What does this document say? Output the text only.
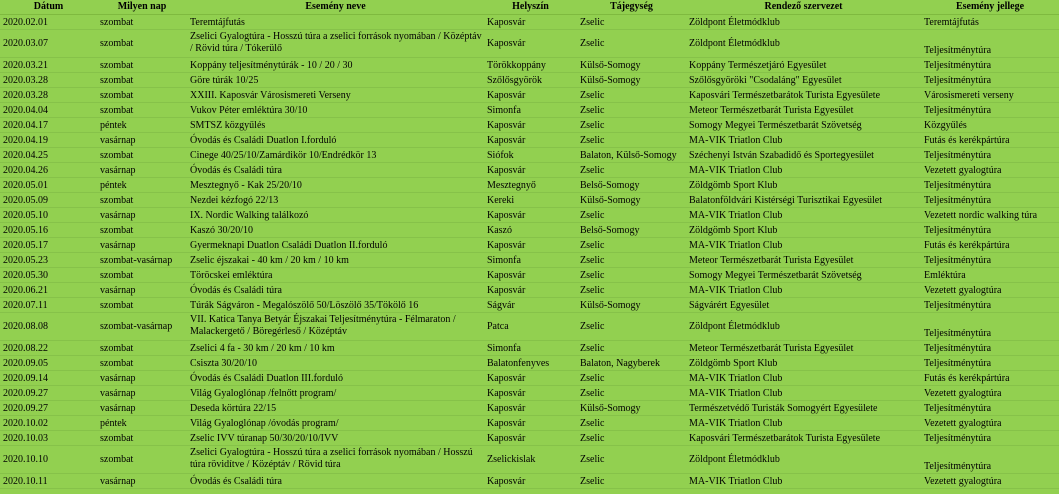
Dátum	Milyen nap	Esemény neve	Helyszín	Tájegység	Rendező szervezet	Esemény jellege
2020.02.01	szombat	Teremtájfutás	Kaposvár	Zselic	Zöldpont Életmódklub	Teremtájfutás
2020.03.07	szombat	Zselici Gyalogtúra - Hosszú túra a zselici források nyomában / Középtáv / Rövid túra / Tókerülő	Kaposvár	Zselic	Zöldpont Életmódklub	Teljesítménytúra
2020.03.21	szombat	Koppány teljesítménytúrák - 10 / 20 / 30	Törökkoppány	Külső-Somogy	Koppány Természetjáró Egyesület	Teljesítménytúra
2020.03.28	szombat	Göre túrák 10/25	Szőlősgyörök	Külső-Somogy	Szőlősgyöröki "Csodaláng" Egyesület	Teljesítménytúra
2020.03.28	szombat	XXIII. Kaposvár Városismereti Verseny	Kaposvár	Zselic	Kaposvári Természetbarátok Turista Egyesülete	Városismereti verseny
2020.04.04	szombat	Vukov Péter emléktúra 30/10	Simonfa	Zselic	Meteor Természetbarát Turista Egyesület	Teljesítménytúra
2020.04.17	péntek	SMTSZ közgyűlés	Kaposvár	Zselic	Somogy Megyei Természetbarát Szövetség	Közgyűlés
2020.04.19	vasárnap	Óvodás és Családi Duatlon I.forduló	Kaposvár	Zselic	MA-VIK Triatlon Club	Futás és kerékpártúra
2020.04.25	szombat	Cinege 40/25/10/Zamárdikör 10/Endrédkör 13	Siófok	Balaton, Külső-Somogy	Széchenyi István Szabadidő és Sportegyesület	Teljesítménytúra
2020.04.26	vasárnap	Óvodás és Családi túra	Kaposvár	Zselic	MA-VIK Triatlon Club	Vezetett gyalogtúra
2020.05.01	péntek	Mesztegnyő - Kak 25/20/10	Mesztegnyő	Belső-Somogy	Zöldgömb Sport Klub	Teljesítménytúra
2020.05.09	szombat	Nezdei kézfogó 22/13	Kereki	Külső-Somogy	Balatonföldvári Kistérségi Turisztikai Egyesület	Teljesítménytúra
2020.05.10	vasárnap	IX. Nordic Walking találkozó	Kaposvár	Zselic	MA-VIK Triatlon Club	Vezetett nordic walking túra
2020.05.16	szombat	Kaszó 30/20/10	Kaszó	Belső-Somogy	Zöldgömb Sport Klub	Teljesítménytúra
2020.05.17	vasárnap	Gyermeknapi Duatlon Családi Duatlon II.forduló	Kaposvár	Zselic	MA-VIK Triatlon Club	Futás és kerékpártúra
2020.05.23	szombat-vasárnap	Zselic éjszakai - 40 km / 20 km / 10 km	Simonfa	Zselic	Meteor Természetbarát Turista Egyesület	Teljesítménytúra
2020.05.30	szombat	Töröcskei emléktúra	Kaposvár	Zselic	Somogy Megyei Természetbarát Szövetség	Emléktúra
2020.06.21	vasárnap	Óvodás és Családi túra	Kaposvár	Zselic	MA-VIK Triatlon Club	Vezetett gyalogtúra
2020.07.11	szombat	Túrák Ságváron - Megalószölő 50/Löszölő 35/Tökölő 16	Ságvár	Külső-Somogy	Ságvárért Egyesület	Teljesítménytúra
2020.08.08	szombat-vasárnap	VII. Katica Tanya Betyár Éjszakai Teljesítménytúra - Félmaraton / Malackergető / Böregérleső / Középtáv	Patca	Zselic	Zöldpont Életmódklub	Teljesítménytúra
2020.08.22	szombat	Zselici 4 fa - 30 km / 20 km / 10 km	Simonfa	Zselic	Meteor Természetbarát Turista Egyesület	Teljesítménytúra
2020.09.05	szombat	Csiszta 30/20/10	Balatonfenyves	Balaton, Nagyberek	Zöldgömb Sport Klub	Teljesítménytúra
2020.09.14	vasárnap	Óvodás és Családi Duatlon III.forduló	Kaposvár	Zselic	MA-VIK Triatlon Club	Futás és kerékpártúra
2020.09.27	vasárnap	Világ Gyaloglónap /felnőtt program/	Kaposvár	Zselic	MA-VIK Triatlon Club	Vezetett gyalogtúra
2020.09.27	vasárnap	Deseda körtúra 22/15	Kaposvár	Külső-Somogy	Természetvédő Turisták Somogyért Egyesülete	Teljesítménytúra
2020.10.02	péntek	Világ Gyaloglónap /óvodás program/	Kaposvár	Zselic	MA-VIK Triatlon Club	Vezetett gyalogtúra
2020.10.03	szombat	Zselic IVV túranap 50/30/20/10/IVV	Kaposvár	Zselic	Kaposvári Természetbarátok Turista Egyesülete	Teljesítménytúra
2020.10.10	szombat	Zselici Gyalogtúra - Hosszú túra a zselici források nyomában / Hosszú túra rövidítve / Középtáv / Rövid túra	Zselickislak	Zselic	Zöldpont Életmódklub	Teljesítménytúra
2020.10.11	vasárnap	Óvodás és Családi túra	Kaposvár	Zselic	MA-VIK Triatlon Club	Vezetett gyalogtúra
